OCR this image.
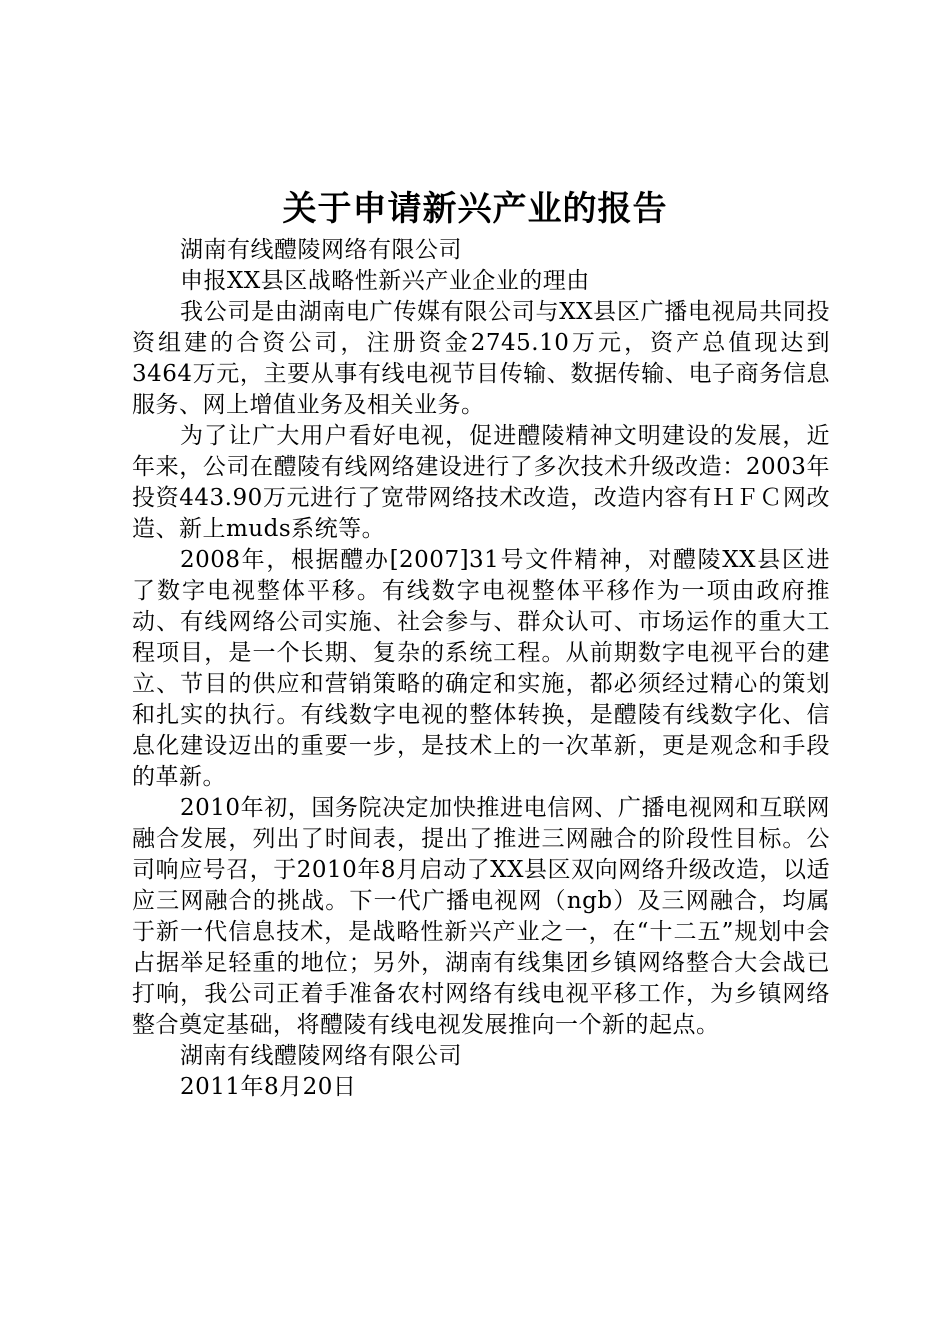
关于申请新兴产业的报告

湖南有线醴陵网络有限公司

申报XX县区战略性新兴产业企业的理由

我公司是由湖南电广传媒有限公司与XX县区广播电视局共同投资组建的合资公司，注册资金2745.10万元，资产总值现达到3464万元，主要从事有线电视节目传输、数据传输、电子商务信息服务、网上增值业务及相关业务。

为了让广大用户看好电视，促进醴陵精神文明建设的发展，近年来，公司在醴陵有线网络建设进行了多次技术升级改造：2003年投资443.90万元进行了宽带网络技术改造，改造内容有ＨＦＣ网改造、新上muds系统等。

2008年，根据醴办[2007]31号文件精神，对醴陵XX县区进了数字电视整体平移。有线数字电视整体平移作为一项由政府推动、有线网络公司实施、社会参与、群众认可、市场运作的重大工程项目，是一个长期、复杂的系统工程。从前期数字电视平台的建立、节目的供应和营销策略的确定和实施，都必须经过精心的策划和扎实的执行。有线数字电视的整体转换，是醴陵有线数字化、信息化建设迈出的重要一步，是技术上的一次革新，更是观念和手段的革新。

2010年初，国务院决定加快推进电信网、广播电视网和互联网融合发展，列出了时间表，提出了推进三网融合的阶段性目标。公司响应号召，于2010年8月启动了XX县区双向网络升级改造，以适应三网融合的挑战。下一代广播电视网（ngb）及三网融合，均属于新一代信息技术，是战略性新兴产业之一，在“十二五”规划中会占据举足轻重的地位；另外，湖南有线集团乡镇网络整合大会战已打响，我公司正着手准备农村网络有线电视平移工作，为乡镇网络整合奠定基础，将醴陵有线电视发展推向一个新的起点。

湖南有线醴陵网络有限公司

2011年8月20日
